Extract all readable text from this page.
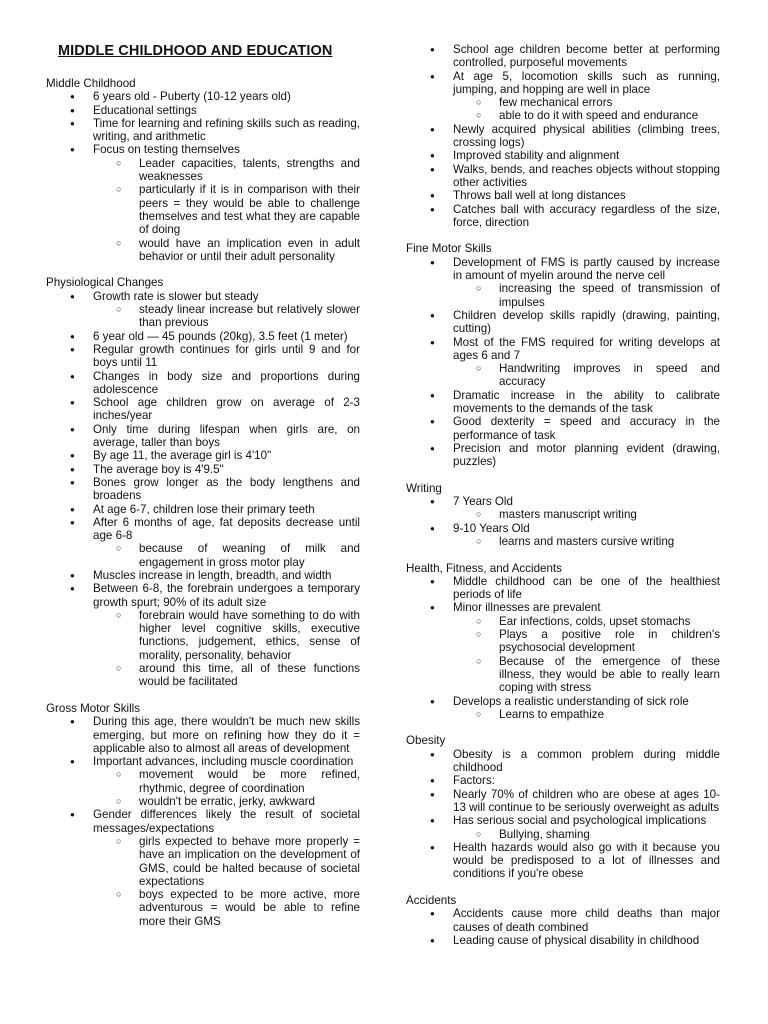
MIDDLE CHILDHOOD AND EDUCATION
Middle Childhood
● 6 years old - Puberty (10-12 years old)
● Educational settings
● Time for learning and refining skills such as reading, writing, and arithmetic
● Focus on testing themselves
○ Leader capacities, talents, strengths and weaknesses
○ particularly if it is in comparison with their peers = they would be able to challenge themselves and test what they are capable of doing
○ would have an implication even in adult behavior or until their adult personality
Physiological Changes
● Growth rate is slower but steady
○ steady linear increase but relatively slower than previous
● 6 year old — 45 pounds (20kg), 3.5 feet (1 meter)
● Regular growth continues for girls until 9 and for boys until 11
● Changes in body size and proportions during adolescence
● School age children grow on average of 2-3 inches/year
● Only time during lifespan when girls are, on average, taller than boys
● By age 11, the average girl is 4'10"
● The average boy is 4'9.5"
● Bones grow longer as the body lengthens and broadens
● At age 6-7, children lose their primary teeth
● After 6 months of age, fat deposits decrease until age 6-8
○ because of weaning of milk and engagement in gross motor play
● Muscles increase in length, breadth, and width
● Between 6-8, the forebrain undergoes a temporary growth spurt; 90% of its adult size
○ forebrain would have something to do with higher level cognitive skills, executive functions, judgement, ethics, sense of morality, personality, behavior
○ around this time, all of these functions would be facilitated
Gross Motor Skills
● During this age, there wouldn't be much new skills emerging, but more on refining how they do it = applicable also to almost all areas of development
● Important advances, including muscle coordination
○ movement would be more refined, rhythmic, degree of coordination
○ wouldn't be erratic, jerky, awkward
● Gender differences likely the result of societal messages/expectations
○ girls expected to behave more properly = have an implication on the development of GMS, could be halted because of societal expectations
○ boys expected to be more active, more adventurous = would be able to refine more their GMS
● School age children become better at performing controlled, purposeful movements
● At age 5, locomotion skills such as running, jumping, and hopping are well in place
○ few mechanical errors
○ able to do it with speed and endurance
● Newly acquired physical abilities (climbing trees, crossing logs)
● Improved stability and alignment
● Walks, bends, and reaches objects without stopping other activities
● Throws ball well at long distances
● Catches ball with accuracy regardless of the size, force, direction
Fine Motor Skills
● Development of FMS is partly caused by increase in amount of myelin around the nerve cell
○ increasing the speed of transmission of impulses
● Children develop skills rapidly (drawing, painting, cutting)
● Most of the FMS required for writing develops at ages 6 and 7
○ Handwriting improves in speed and accuracy
● Dramatic increase in the ability to calibrate movements to the demands of the task
● Good dexterity = speed and accuracy in the performance of task
● Precision and motor planning evident (drawing, puzzles)
Writing
● 7 Years Old
○ masters manuscript writing
● 9-10 Years Old
○ learns and masters cursive writing
Health, Fitness, and Accidents
● Middle childhood can be one of the healthiest periods of life
● Minor illnesses are prevalent
○ Ear infections, colds, upset stomachs
○ Plays a positive role in children's psychosocial development
○ Because of the emergence of these illness, they would be able to really learn coping with stress
● Develops a realistic understanding of sick role
○ Learns to empathize
Obesity
● Obesity is a common problem during middle childhood
● Factors:
● Nearly 70% of children who are obese at ages 10-13 will continue to be seriously overweight as adults
● Has serious social and psychological implications
○ Bullying, shaming
● Health hazards would also go with it because you would be predisposed to a lot of illnesses and conditions if you're obese
Accidents
● Accidents cause more child deaths than major causes of death combined
● Leading cause of physical disability in childhood
